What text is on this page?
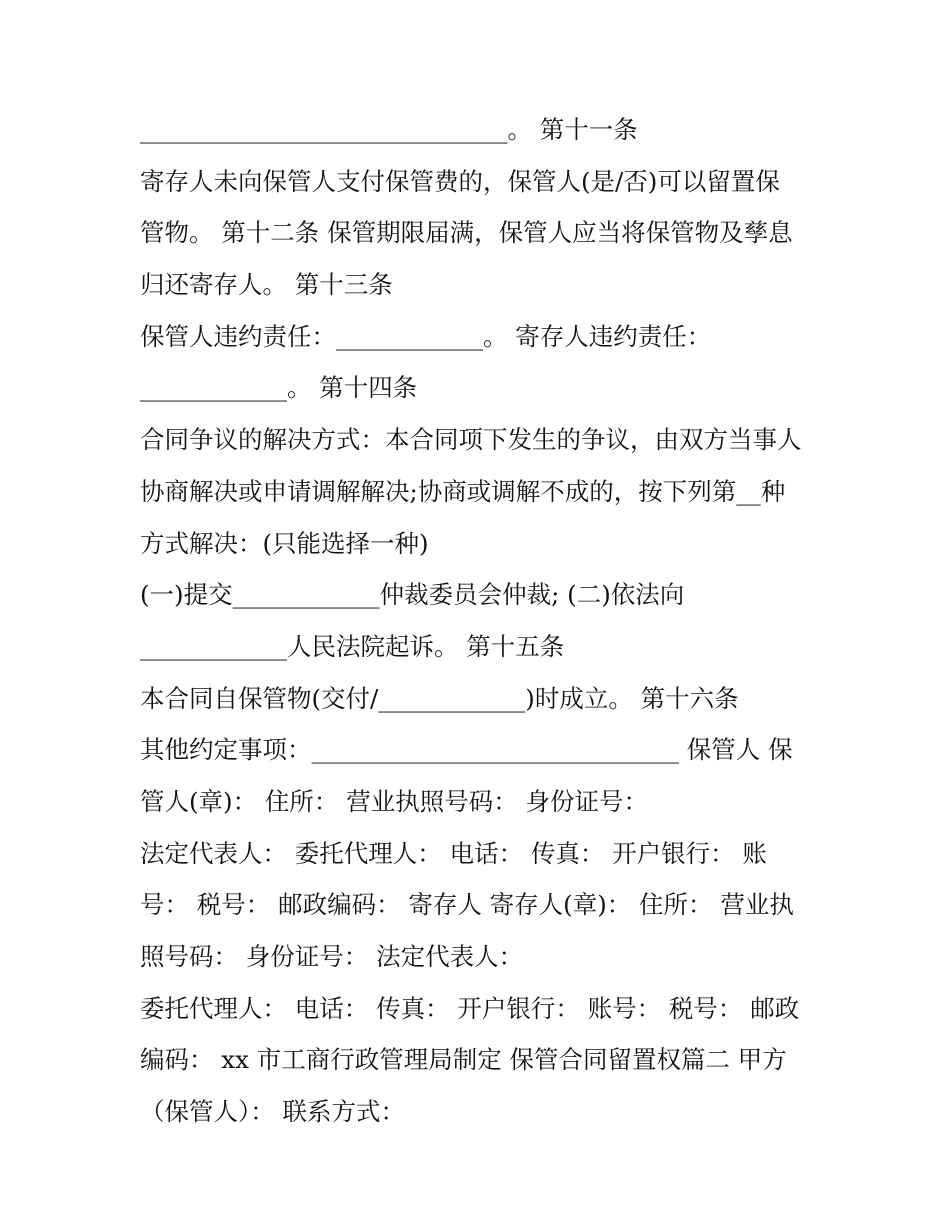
______________________________。 第十一条
寄存人未向保管人支付保管费的，保管人(是/否)可以留置保
管物。 第十二条 保管期限届满，保管人应当将保管物及孳息
归还寄存人。 第十三条
保管人违约责任：____________。 寄存人违约责任：
____________。 第十四条
合同争议的解决方式：本合同项下发生的争议，由双方当事人
协商解决或申请调解解决;协商或调解不成的，按下列第__种
方式解决：(只能选择一种)
(一)提交____________仲裁委员会仲裁; (二)依法向
____________人民法院起诉。 第十五条
本合同自保管物(交付/____________)时成立。 第十六条
其他约定事项：______________________________ 保管人 保
管人(章)： 住所： 营业执照号码： 身份证号：
法定代表人： 委托代理人： 电话： 传真： 开户银行： 账
号： 税号： 邮政编码： 寄存人 寄存人(章)： 住所： 营业执
照号码： 身份证号： 法定代表人：
委托代理人： 电话： 传真： 开户银行： 账号： 税号： 邮政
编码： xx 市工商行政管理局制定 保管合同留置权篇二 甲方
（保管人）： 联系方式：
